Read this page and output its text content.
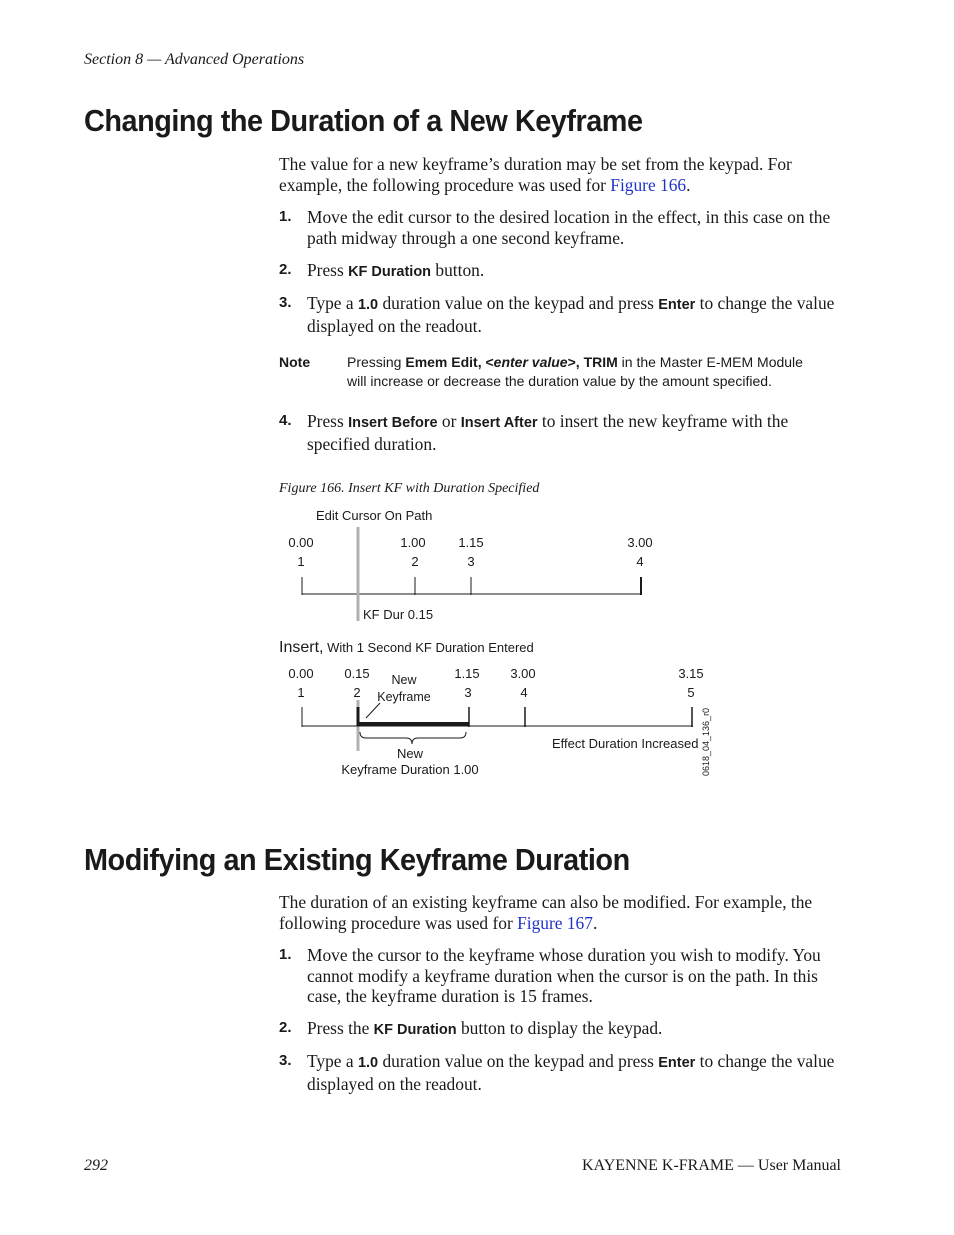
Section 8 — Advanced Operations
Changing the Duration of a New Keyframe

The value for a new keyframe’s duration may be set from the keypad. For example, the following procedure was used for Figure 166.

1. Move the edit cursor to the desired location in the effect, in this case on the path midway through a one second keyframe.
2. Press KF Duration button.
3. Type a 1.0 duration value on the keypad and press Enter to change the value displayed on the readout.
Note	Pressing Emem Edit, <enter value>, TRIM in the Master E-MEM Module will increase or decrease the duration value by the amount specified.
4. Press Insert Before or Insert After to insert the new keyframe with the specified duration.
Figure 166. Insert KF with Duration Specified
Edit Cursor On Path
0.00
1
1.00
2
1.15
3
3.00
4
KF Dur 0.15
Insert, With 1 Second KF Duration Entered
0.00
1
0.15
2
1.15
3
3.00
4
3.15
5
New
Keyframe
New
Keyframe Duration 1.00
Effect Duration Increased 0618_04_136_r0
Modifying an Existing Keyframe Duration

The duration of an existing keyframe can also be modified. For example, the following procedure was used for Figure 167.

1. Move the cursor to the keyframe whose duration you wish to modify. You cannot modify a keyframe duration when the cursor is on the path. In this case, the keyframe duration is 15 frames.
2. Press the KF Duration button to display the keypad.
3. Type a 1.0 duration value on the keypad and press Enter to change the value displayed on the readout.
292	KAYENNE K-FRAME — User Manual
